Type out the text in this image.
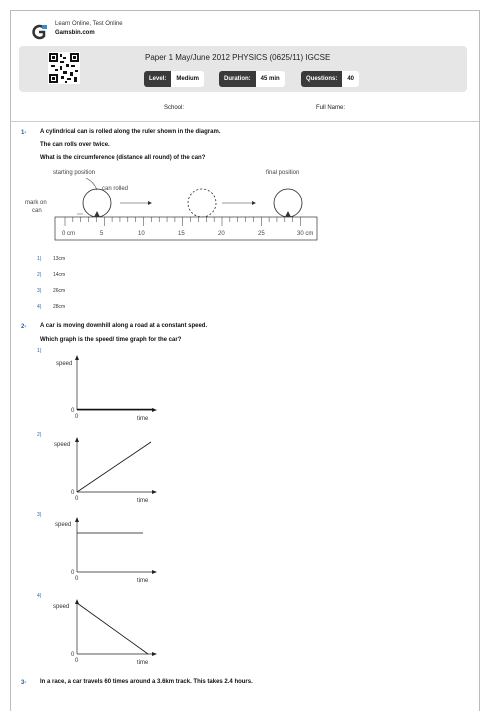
Learn Online, Test Online
Gamsbin.com
Paper 1 May/June 2012 PHYSICS (0625/11) IGCSE
Level:	Medium	Duration:	45 min	Questions:	40
School:	Full Name:
1- A cylindrical can is rolled along the ruler shown in the diagram.
The can rolls over twice.
What is the circumference (distance all round) of the can?
starting position
can rolled
final position
mark on
can
0 cm	5	10	15	20	25	30 cm
1) 13cm
2) 14cm
3) 26cm
4) 28cm
2- A car is moving downhill along a road at a constant speed.
Which graph is the speed/ time graph for the car?
1)
speed
time
0
0
2)
speed
time
0
0
3)
speed
time
0
0
4)
speed
time
0
0
3- In a race, a car travels 60 times around a 3.6km track. This takes 2.4 hours.
